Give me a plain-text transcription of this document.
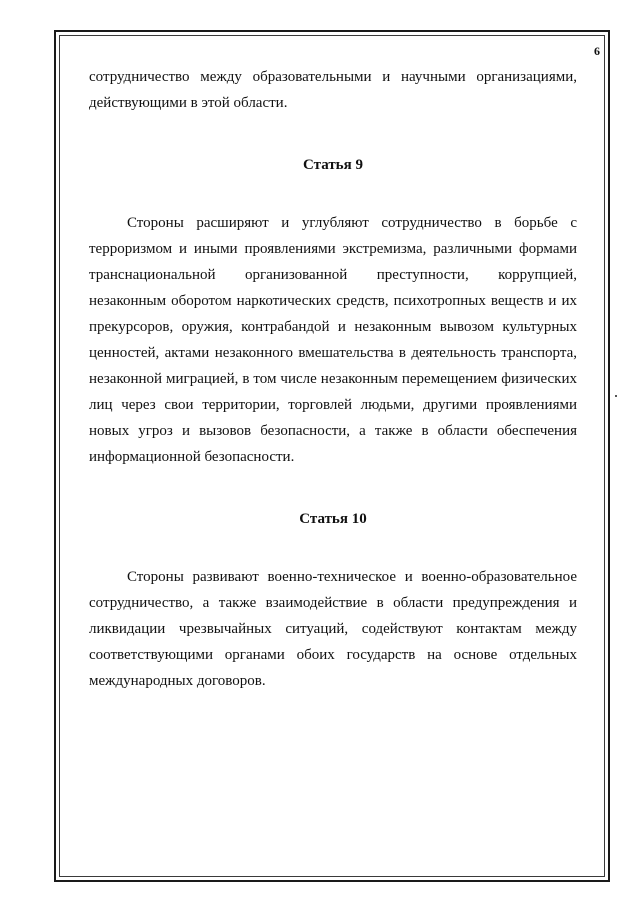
6

сотрудничество между образовательными и научными организациями, действующими в этой области.

Статья 9

Стороны расширяют и углубляют сотрудничество в борьбе с терроризмом и иными проявлениями экстремизма, различными формами транснациональной организованной преступности, коррупцией, незаконным оборотом наркотических средств, психотропных веществ и их прекурсоров, оружия, контрабандой и незаконным вывозом культурных ценностей, актами незаконного вмешательства в деятельность транспорта, незаконной миграцией, в том числе незаконным перемещением физических лиц через свои территории, торговлей людьми, другими проявлениями новых угроз и вызовов безопасности, а также в области обеспечения информационной безопасности.

Статья 10

Стороны развивают военно-техническое и военно-образовательное сотрудничество, а также взаимодействие в области предупреждения и ликвидации чрезвычайных ситуаций, содействуют контактам между соответствующими органами обоих государств на основе отдельных международных договоров.
